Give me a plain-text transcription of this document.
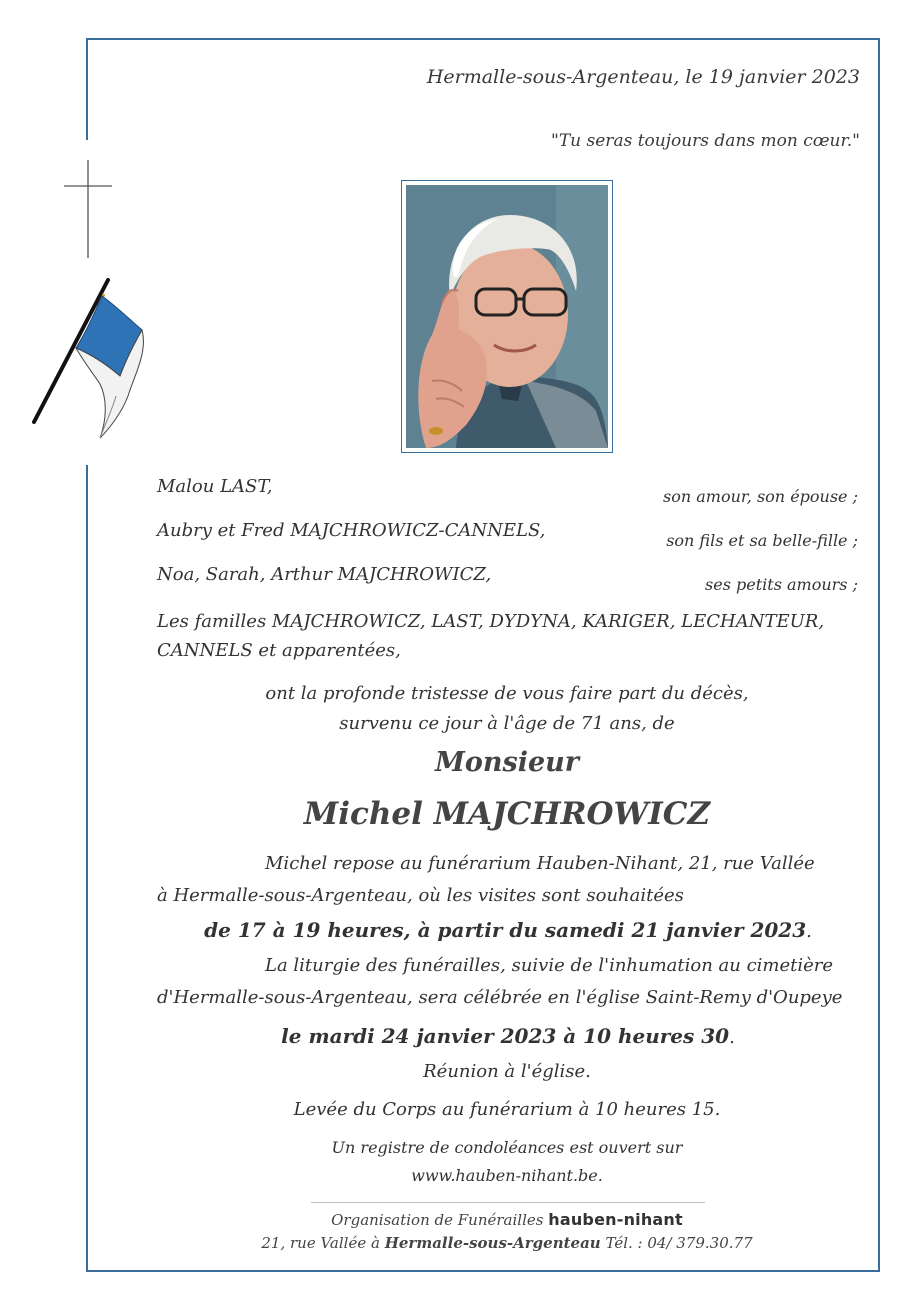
Hermalle-sous-Argenteau, le 19 janvier 2023
"Tu seras toujours dans mon cœur."
Malou LAST,	son amour, son épouse ;
Aubry et Fred MAJCHROWICZ-CANNELS,	son fils et sa belle-fille ;
Noa, Sarah, Arthur MAJCHROWICZ,	ses petits amours ;
Les familles MAJCHROWICZ, LAST, DYDYNA, KARIGER, LECHANTEUR,
CANNELS et apparentées,
ont la profonde tristesse de vous faire part du décès,
survenu ce jour à l'âge de 71 ans, de
Monsieur
Michel MAJCHROWICZ
Michel repose au funérarium Hauben-Nihant, 21, rue Vallée
à Hermalle-sous-Argenteau, où les visites sont souhaitées
de 17 à 19 heures, à partir du samedi 21 janvier 2023.
La liturgie des funérailles, suivie de l'inhumation au cimetière
d'Hermalle-sous-Argenteau, sera célébrée en l'église Saint-Remy d'Oupeye
le mardi 24 janvier 2023 à 10 heures 30.
Réunion à l'église.
Levée du Corps au funérarium à 10 heures 15.
Un registre de condoléances est ouvert sur
www.hauben-nihant.be.
Organisation de Funérailles hauben-nihant
21, rue Vallée à Hermalle-sous-Argenteau Tél. : 04/ 379.30.77
